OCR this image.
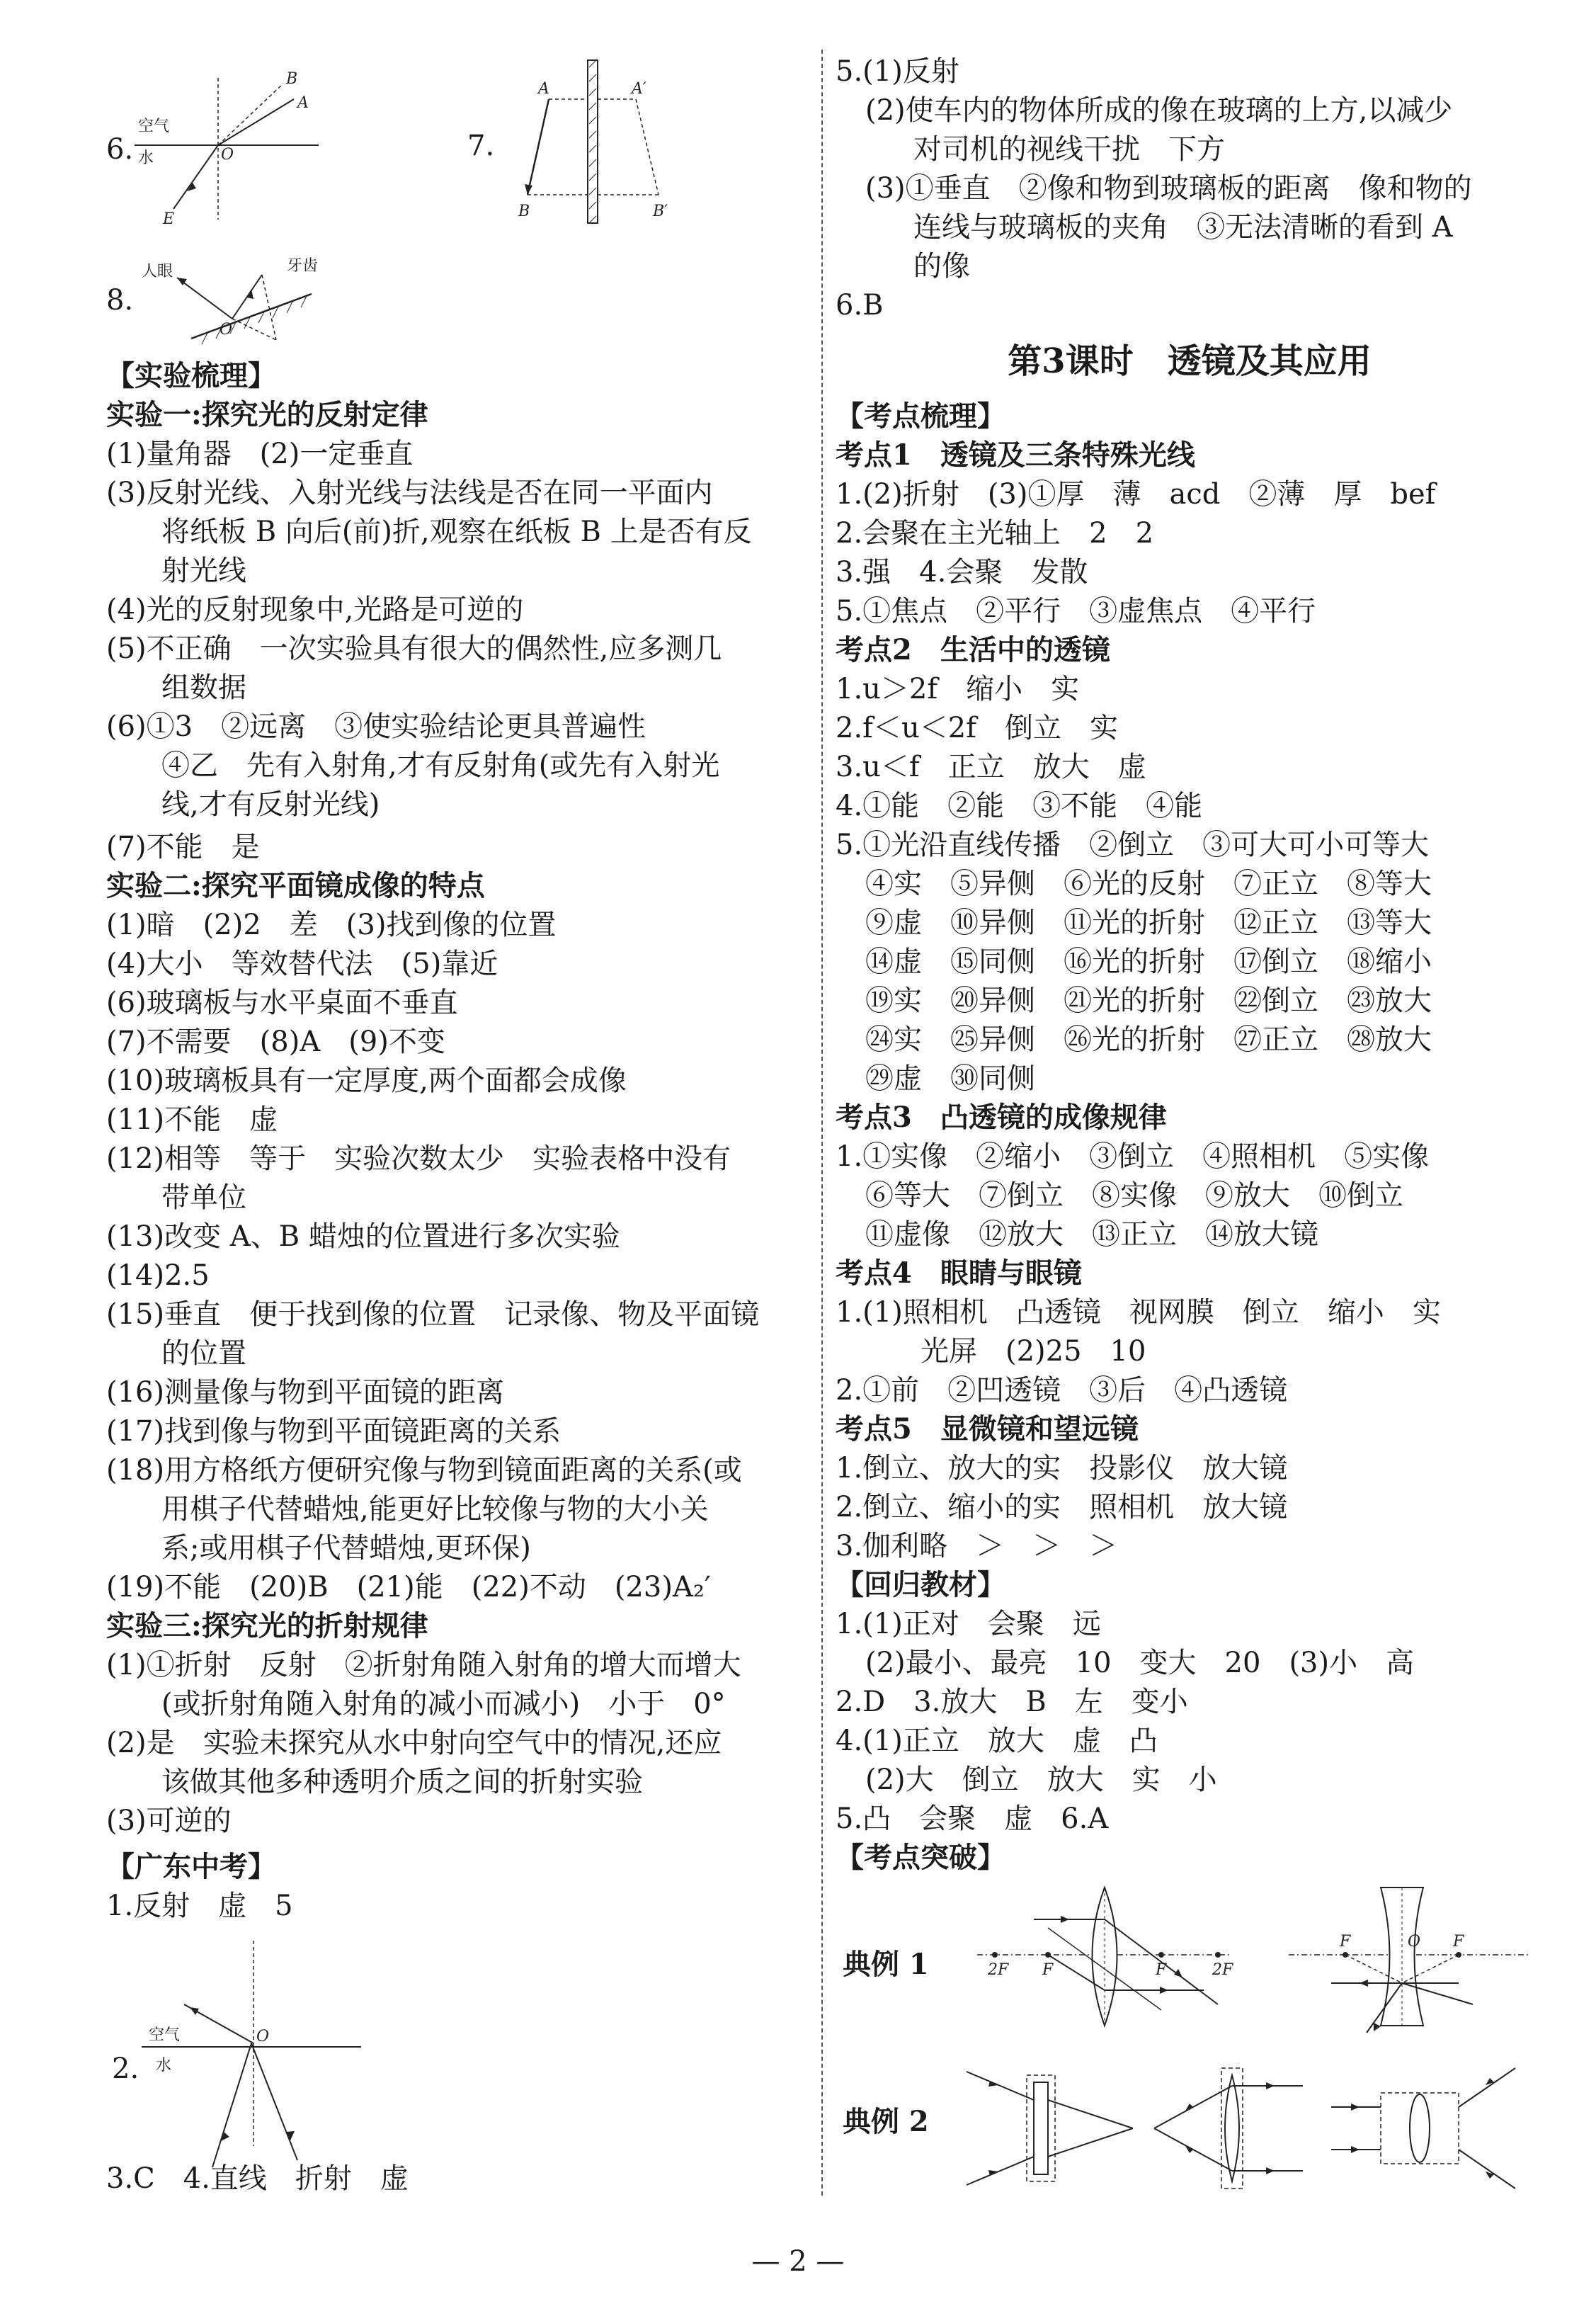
6.
空气
水
B
A
O
E
7.
A	A′
B	B′
8.
人眼	牙齿
O
【实验梳理】
实验一:探究光的反射定律
(1)量角器　(2)一定垂直
(3)反射光线、入射光线与法线是否在同一平面内
将纸板 B 向后(前)折,观察在纸板 B 上是否有反
射光线
(4)光的反射现象中,光路是可逆的
(5)不正确　一次实验具有很大的偶然性,应多测几
组数据
(6)①3　②远离　③使实验结论更具普遍性
④乙　先有入射角,才有反射角(或先有入射光
线,才有反射光线)
(7)不能　是
实验二:探究平面镜成像的特点
(1)暗　(2)2　差　(3)找到像的位置
(4)大小　等效替代法　(5)靠近
(6)玻璃板与水平桌面不垂直
(7)不需要　(8)A　(9)不变
(10)玻璃板具有一定厚度,两个面都会成像
(11)不能　虚
(12)相等　等于　实验次数太少　实验表格中没有
带单位
(13)改变 A、B 蜡烛的位置进行多次实验
(14)2.5
(15)垂直　便于找到像的位置　记录像、物及平面镜
的位置
(16)测量像与物到平面镜的距离
(17)找到像与物到平面镜距离的关系
(18)用方格纸方便研究像与物到镜面距离的关系(或
用棋子代替蜡烛,能更好比较像与物的大小关
系;或用棋子代替蜡烛,更环保)
(19)不能　(20)B　(21)能　(22)不动　(23)A₂′
实验三:探究光的折射规律
(1)①折射　反射　②折射角随入射角的增大而增大
(或折射角随入射角的减小而减小)　小于　0°
(2)是　实验未探究从水中射向空气中的情况,还应
该做其他多种透明介质之间的折射实验
(3)可逆的
【广东中考】
1.反射　虚　5
2.
空气
水
O
3.C　4.直线　折射　虚
5.(1)反射
(2)使车内的物体所成的像在玻璃的上方,以减少
对司机的视线干扰　下方
(3)①垂直　②像和物到玻璃板的距离　像和物的
连线与玻璃板的夹角　③无法清晰的看到 A
的像
6.B
第3课时　透镜及其应用
【考点梳理】
考点1　透镜及三条特殊光线
1.(2)折射　(3)①厚　薄　acd　②薄　厚　bef
2.会聚在主光轴上　2　2
3.强　4.会聚　发散
5.①焦点　②平行　③虚焦点　④平行
考点2　生活中的透镜
1.u＞2f　缩小　实
2.f＜u＜2f　倒立　实
3.u＜f　正立　放大　虚
4.①能　②能　③不能　④能
5.①光沿直线传播　②倒立　③可大可小可等大
④实　⑤异侧　⑥光的反射　⑦正立　⑧等大
⑨虚　⑩异侧　⑪光的折射　⑫正立　⑬等大
⑭虚　⑮同侧　⑯光的折射　⑰倒立　⑱缩小
⑲实　⑳异侧　㉑光的折射　㉒倒立　㉓放大
㉔实　㉕异侧　㉖光的折射　㉗正立　㉘放大
㉙虚　㉚同侧
考点3　凸透镜的成像规律
1.①实像　②缩小　③倒立　④照相机　⑤实像
⑥等大　⑦倒立　⑧实像　⑨放大　⑩倒立
⑪虚像　⑫放大　⑬正立　⑭放大镜
考点4　眼睛与眼镜
1.(1)照相机　凸透镜　视网膜　倒立　缩小　实
光屏　(2)25　10
2.①前　②凹透镜　③后　④凸透镜
考点5　显微镜和望远镜
1.倒立、放大的实　投影仪　放大镜
2.倒立、缩小的实　照相机　放大镜
3.伽利略　＞　＞　＞
【回归教材】
1.(1)正对　会聚　远
(2)最小、最亮　10　变大　20　(3)小　高
2.D　3.放大　B　左　变小
4.(1)正立　放大　虚　凸
(2)大　倒立　放大　实　小
5.凸　会聚　虚　6.A
【考点突破】
典例 1	2F F	F	2F
F	O F
典例 2
— 2 —
